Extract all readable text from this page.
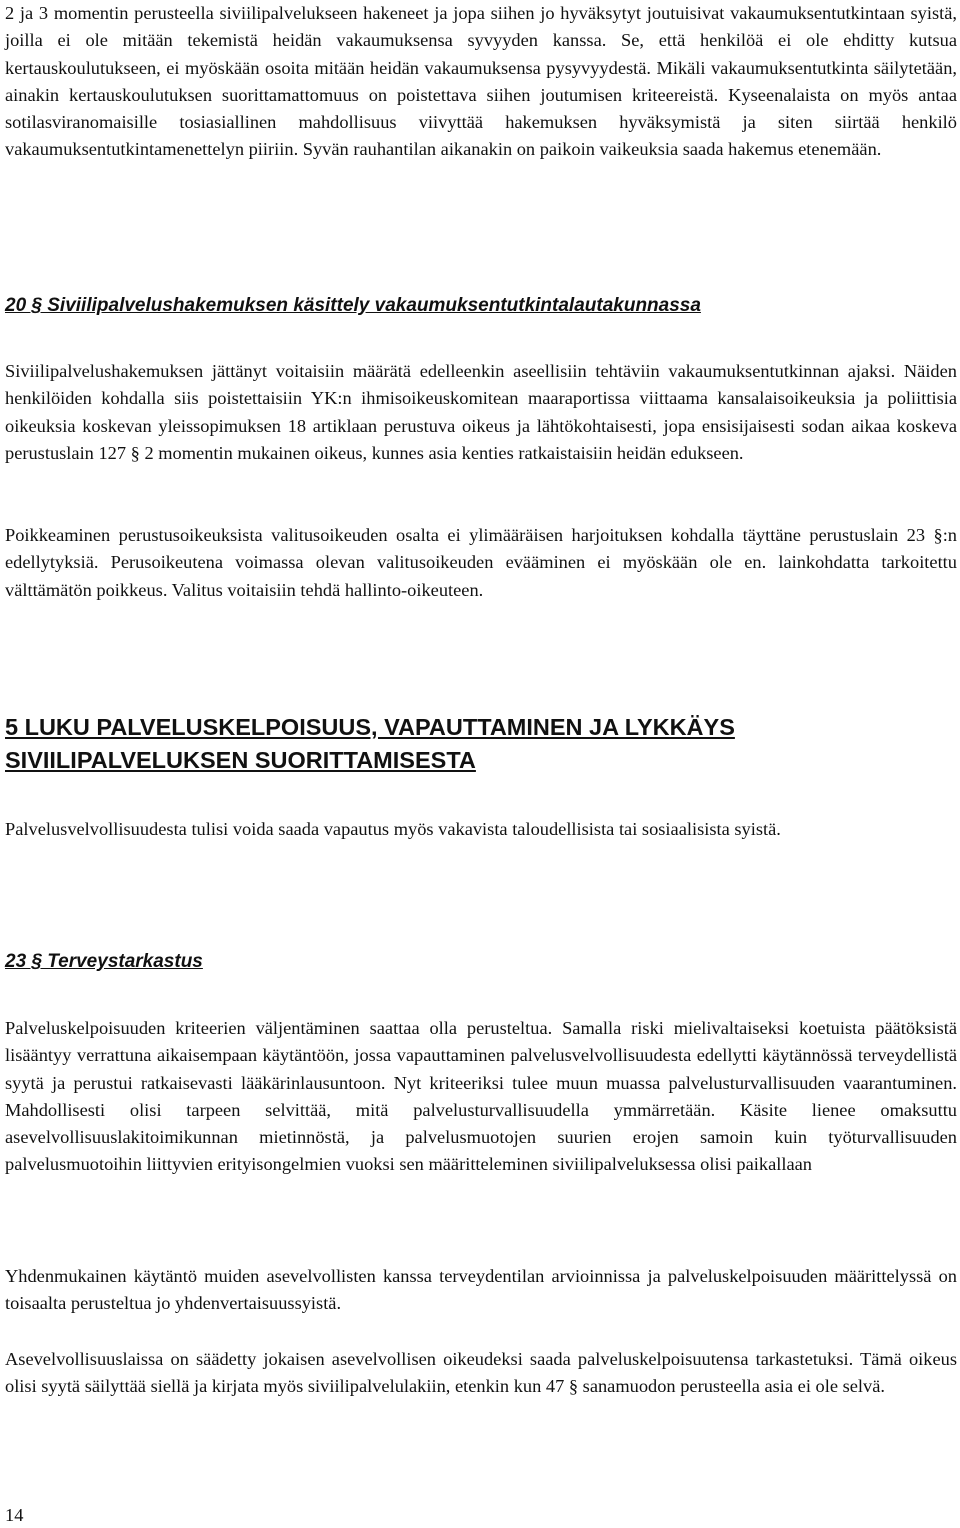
2 ja 3 momentin perusteella siviilipalvelukseen hakeneet ja jopa siihen jo hyväksytyt joutuisivat vakaumuksentutkintaan syistä, joilla ei ole mitään tekemistä heidän vakaumuksensa syvyyden kanssa. Se, että henkilöä ei ole ehditty kutsua kertauskoulutukseen, ei myöskään osoita mitään heidän vakaumuksensa pysyvyydestä. Mikäli vakaumuksentutkinta säilytetään, ainakin kertauskoulutuksen suorittamattomuus on poistettava siihen joutumisen kriteereistä. Kyseenalaista on myös antaa sotilasviranomaisille tosiasiallinen mahdollisuus viivyttää hakemuksen hyväksymistä ja siten siirtää henkilö vakaumuksentutkintamenettelyn piiriin. Syvän rauhantilan aikanakin on paikoin vaikeuksia saada hakemus etenemään.

20 § Siviilipalvelushakemuksen käsittely vakaumuksentutkintalautakunnassa

Siviilipalvelushakemuksen jättänyt voitaisiin määrätä edelleenkin aseellisiin tehtäviin vakaumuksentutkinnan ajaksi. Näiden henkilöiden kohdalla siis poistettaisiin YK:n ihmisoikeuskomitean maaraportissa viittaama kansalaisoikeuksia ja poliittisia oikeuksia koskevan yleissopimuksen 18 artiklaan perustuva oikeus ja lähtökohtaisesti, jopa ensisijaisesti sodan aikaa koskeva perustuslain 127 § 2 momentin mukainen oikeus, kunnes asia kenties ratkaistaisiin heidän edukseen.

Poikkeaminen perustusoikeuksista valitusoikeuden osalta ei ylimääräisen harjoituksen kohdalla täyttäne perustuslain 23 §:n edellytyksiä. Perusoikeutena voimassa olevan valitusoikeuden evääminen ei myöskään ole en. lainkohdatta tarkoitettu välttämätön poikkeus. Valitus voitaisiin tehdä hallinto-oikeuteen.

5 LUKU PALVELUSKELPOISUUS, VAPAUTTAMINEN JA LYKKÄYS
SIVIILIPALVELUKSEN SUORITTAMISESTA

Palvelusvelvollisuudesta tulisi voida saada vapautus myös vakavista taloudellisista tai sosiaalisista syistä.

23 § Terveystarkastus

Palveluskelpoisuuden kriteerien väljentäminen saattaa olla perusteltua. Samalla riski mielivaltaiseksi koetuista päätöksistä lisääntyy verrattuna aikaisempaan käytäntöön, jossa vapauttaminen palvelusvelvollisuudesta edellytti käytännössä terveydellistä syytä ja perustui ratkaisevasti lääkärinlausuntoon. Nyt kriteeriksi tulee muun muassa palvelusturvallisuuden vaarantuminen. Mahdollisesti olisi tarpeen selvittää, mitä palvelusturvallisuudella ymmärretään. Käsite lienee omaksuttu asevelvollisuuslakitoimikunnan mietinnöstä, ja palvelusmuotojen suurien erojen samoin kuin työturvallisuuden palvelusmuotoihin liittyvien erityisongelmien vuoksi sen määritteleminen siviilipalveluksessa olisi paikallaan

Yhdenmukainen käytäntö muiden asevelvollisten kanssa terveydentilan arvioinnissa ja palveluskelpoisuuden määrittelyssä on toisaalta perusteltua jo yhdenvertaisuussyistä.

Asevelvollisuuslaissa on säädetty jokaisen asevelvollisen oikeudeksi saada palveluskelpoisuutensa tarkastetuksi. Tämä oikeus olisi syytä säilyttää siellä ja kirjata myös siviilipalvelulakiin, etenkin kun 47 § sanamuodon perusteella asia ei ole selvä.

14
